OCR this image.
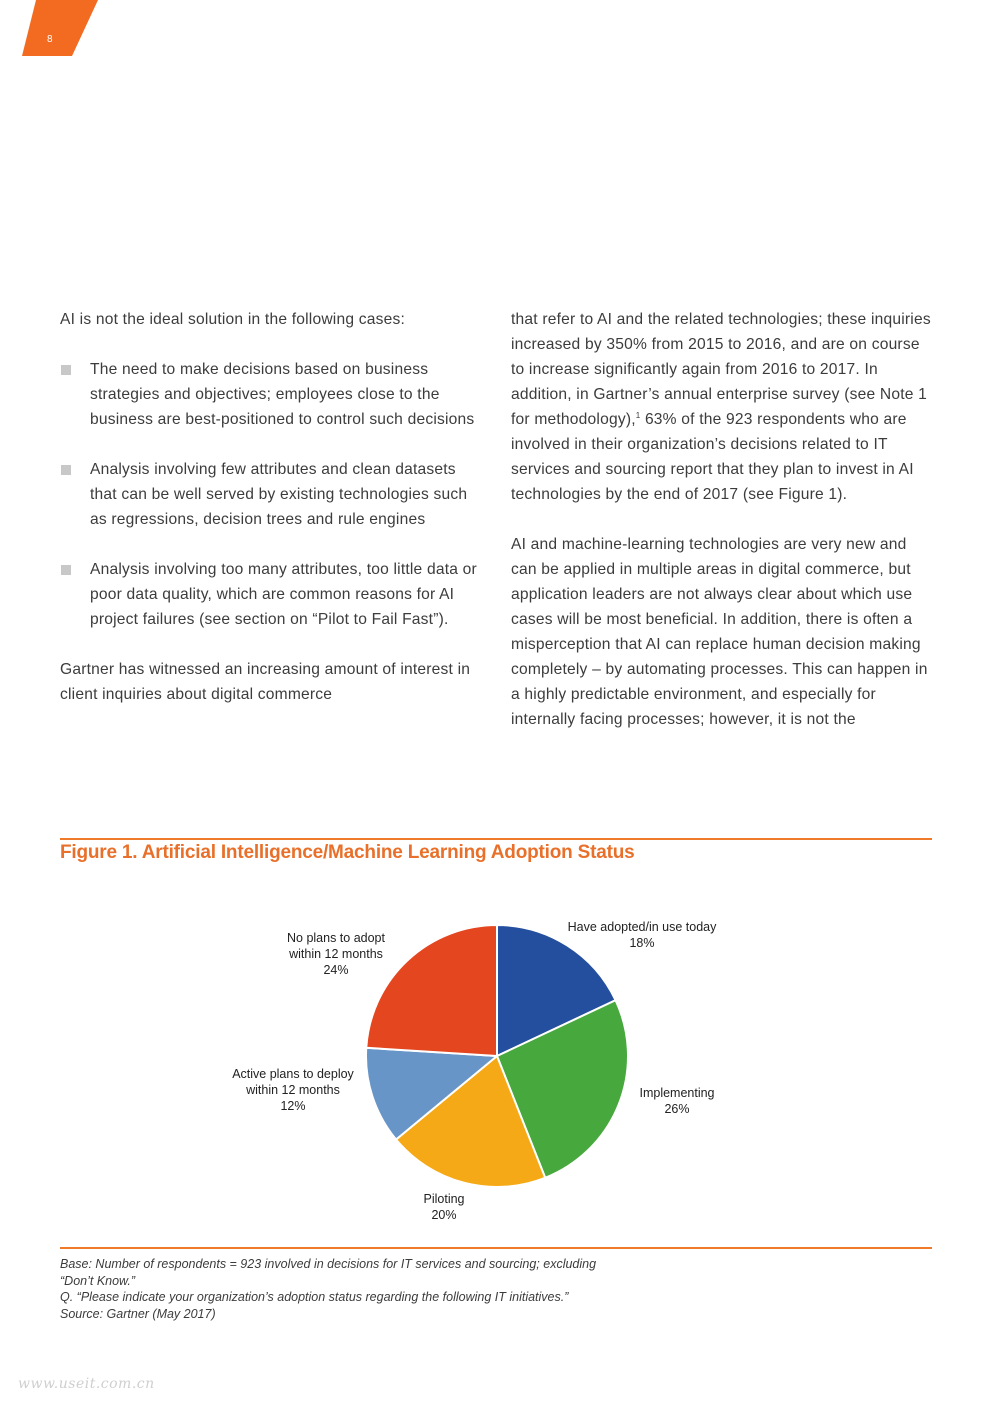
8

AI is not the ideal solution in the following cases:

The need to make decisions based on business strategies and objectives; employees close to the business are best-positioned to control such decisions
Analysis involving few attributes and clean datasets that can be well served by existing technologies such as regressions, decision trees and rule engines
Analysis involving too many attributes, too little data or poor data quality, which are common reasons for AI project failures (see section on “Pilot to Fail Fast”).

Gartner has witnessed an increasing amount of interest in client inquiries about digital commerce

that refer to AI and the related technologies; these inquiries increased by 350% from 2015 to 2016, and are on course to increase significantly again from 2016 to 2017. In addition, in Gartner’s annual enterprise survey (see Note 1 for methodology),$^1$ 63% of the 923 respondents who are involved in their organization’s decisions related to IT services and sourcing report that they plan to invest in AI technologies by the end of 2017 (see Figure 1).

AI and machine-learning technologies are very new and can be applied in multiple areas in digital commerce, but application leaders are not always clear about which use cases will be most beneficial. In addition, there is often a misperception that AI can replace human decision making completely – by automating processes. This can happen in a highly predictable environment, and especially for internally facing processes; however, it is not the

Figure 1. Artificial Intelligence/Machine Learning Adoption Status
Have adopted/in use today
18%
Implementing
26%
Piloting
20%
Active plans to deploy
within 12 months
12%
No plans to adopt
within 12 months
24%
Base: Number of respondents = 923 involved in decisions for IT services and sourcing; excluding
“Don’t Know.”
Q. “Please indicate your organization’s adoption status regarding the following IT initiatives.”
Source: Gartner (May 2017)
www.useit.com.cn
